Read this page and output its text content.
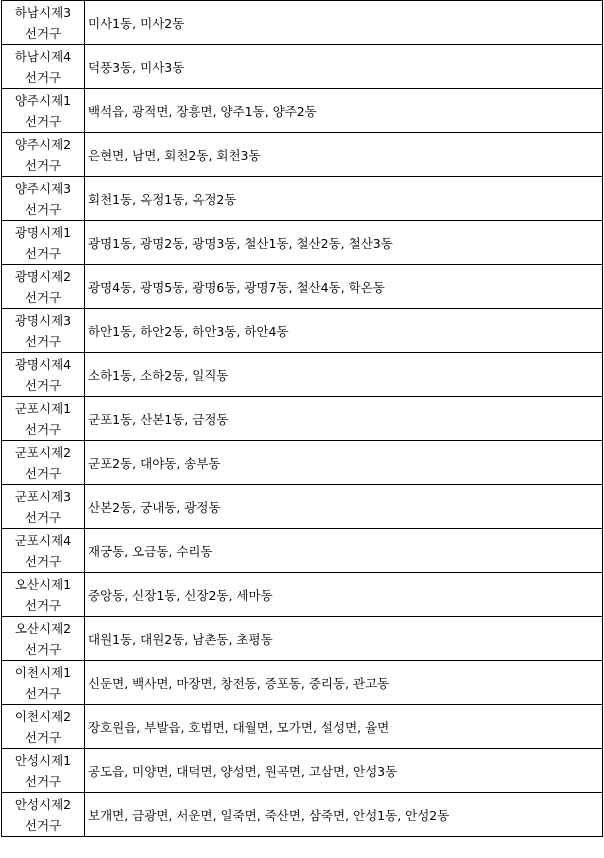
하남시제3
선거구	미사1동, 미사2동

하남시제4
선거구	덕풍3동, 미사3동

양주시제1
선거구	백석읍, 광적면, 장흥면, 양주1동, 양주2동

양주시제2
선거구	은현면, 남면, 회천2동, 회천3동

양주시제3
선거구	회천1동, 옥정1동, 옥정2동

광명시제1
선거구	광명1동, 광명2동, 광명3동, 철산1동, 철산2동, 철산3동

광명시제2
선거구	광명4동, 광명5동, 광명6동, 광명7동, 철산4동, 학온동

광명시제3
선거구	하안1동, 하안2동, 하안3동, 하안4동

광명시제4
선거구	소하1동, 소하2동, 일직동

군포시제1
선거구	군포1동, 산본1동, 금정동

군포시제2
선거구	군포2동, 대야동, 송부동

군포시제3
선거구	산본2동, 궁내동, 광정동

군포시제4
선거구	재궁동, 오금동, 수리동

오산시제1
선거구	중앙동, 신장1동, 신장2동, 세마동

오산시제2
선거구	대원1동, 대원2동, 남촌동, 초평동

이천시제1
선거구	신둔면, 백사면, 마장면, 창전동, 증포동, 중리동, 관고동

이천시제2
선거구	장호원읍, 부발읍, 호법면, 대월면, 모가면, 설성면, 율면

안성시제1
선거구	공도읍, 미양면, 대덕면, 양성면, 원곡면, 고삼면, 안성3동

안성시제2
선거구	보개면, 금광면, 서운면, 일죽면, 죽산면, 삼죽면, 안성1동, 안성2동
